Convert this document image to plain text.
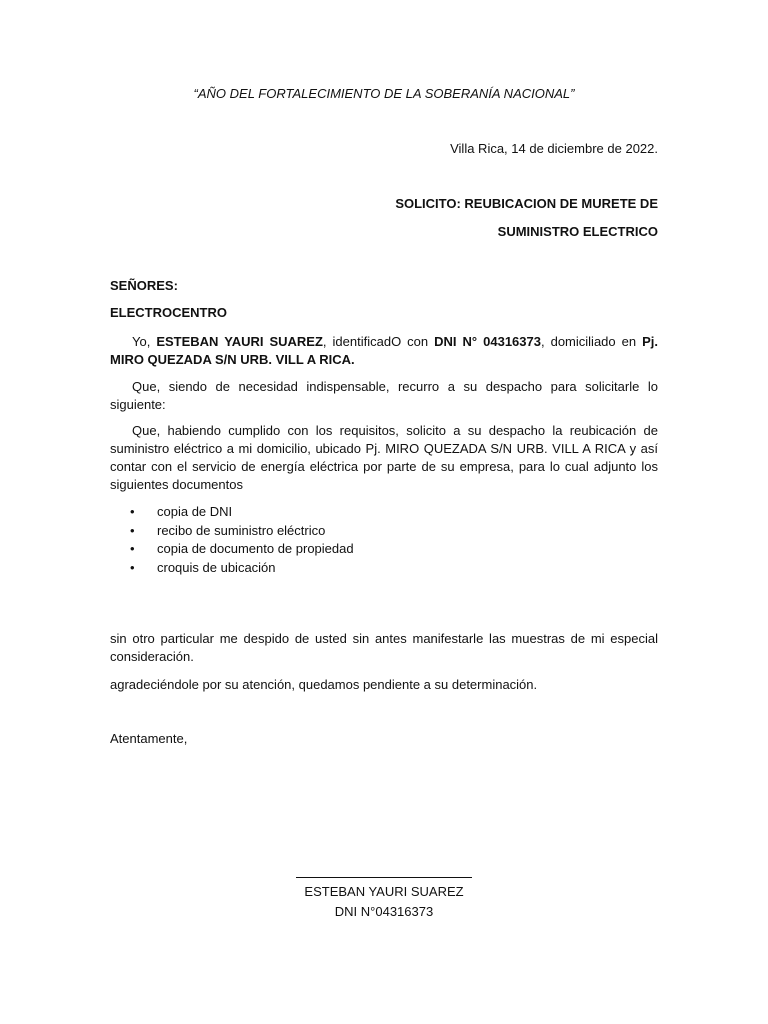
“AÑO DEL FORTALECIMIENTO DE LA SOBERANÍA NACIONAL”
Villa Rica, 14 de diciembre de 2022.
SOLICITO: REUBICACION DE MURETE DE
SUMINISTRO ELECTRICO

SEÑORES:

ELECTROCENTRO

Yo, ESTEBAN YAURI SUAREZ, identificadO con DNI N° 04316373, domiciliado en Pj. MIRO QUEZADA S/N URB. VILL A RICA.

Que, siendo de necesidad indispensable, recurro a su despacho para solicitarle lo siguiente:

Que, habiendo cumplido con los requisitos, solicito a su despacho la reubicación de suministro eléctrico a mi domicilio, ubicado Pj. MIRO QUEZADA S/N URB. VILL A RICA y así contar con el servicio de energía eléctrica por parte de su empresa, para lo cual adjunto los siguientes documentos

• copia de DNI
• recibo de suministro eléctrico
• copia de documento de propiedad
• croquis de ubicación

sin otro particular me despido de usted sin antes manifestarle las muestras de mi especial consideración.

agradeciéndole por su atención, quedamos pendiente a su determinación.

Atentamente,
ESTEBAN YAURI SUAREZ
DNI N°04316373
